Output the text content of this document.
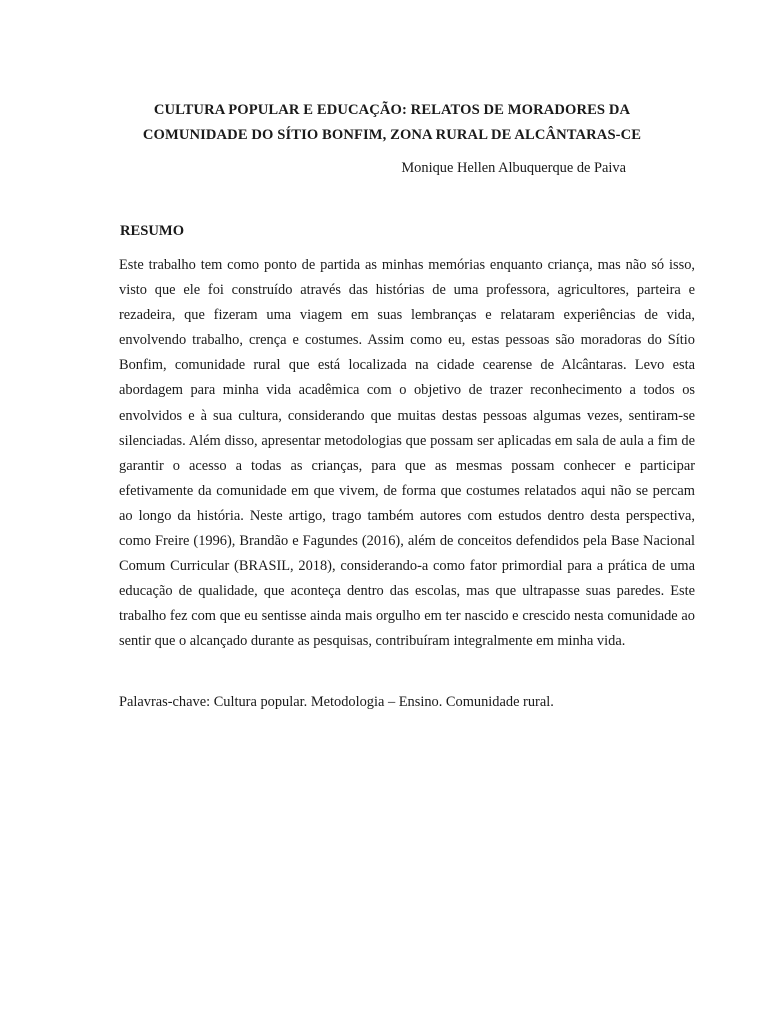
CULTURA POPULAR E EDUCAÇÃO: RELATOS DE MORADORES DA
COMUNIDADE DO SÍTIO BONFIM, ZONA RURAL DE ALCÂNTARAS-CE
Monique Hellen Albuquerque de Paiva
RESUMO

Este trabalho tem como ponto de partida as minhas memórias enquanto criança, mas não só isso, visto que ele foi construído através das histórias de uma professora, agricultores, parteira e rezadeira, que fizeram uma viagem em suas lembranças e relataram experiências de vida, envolvendo trabalho, crença e costumes. Assim como eu, estas pessoas são moradoras do Sítio Bonfim, comunidade rural que está localizada na cidade cearense de Alcântaras. Levo esta abordagem para minha vida acadêmica com o objetivo de trazer reconhecimento a todos os envolvidos e à sua cultura, considerando que muitas destas pessoas algumas vezes, sentiram-se silenciadas. Além disso, apresentar metodologias que possam ser aplicadas em sala de aula a fim de garantir o acesso a todas as crianças, para que as mesmas possam conhecer e participar efetivamente da comunidade em que vivem, de forma que costumes relatados aqui não se percam ao longo da história. Neste artigo, trago também autores com estudos dentro desta perspectiva, como Freire (1996), Brandão e Fagundes (2016), além de conceitos defendidos pela Base Nacional Comum Curricular (BRASIL, 2018), considerando-a como fator primordial para a prática de uma educação de qualidade, que aconteça dentro das escolas, mas que ultrapasse suas paredes. Este trabalho fez com que eu sentisse ainda mais orgulho em ter nascido e crescido nesta comunidade ao sentir que o alcançado durante as pesquisas, contribuíram integralmente em minha vida.

Palavras-chave: Cultura popular. Metodologia – Ensino. Comunidade rural.
